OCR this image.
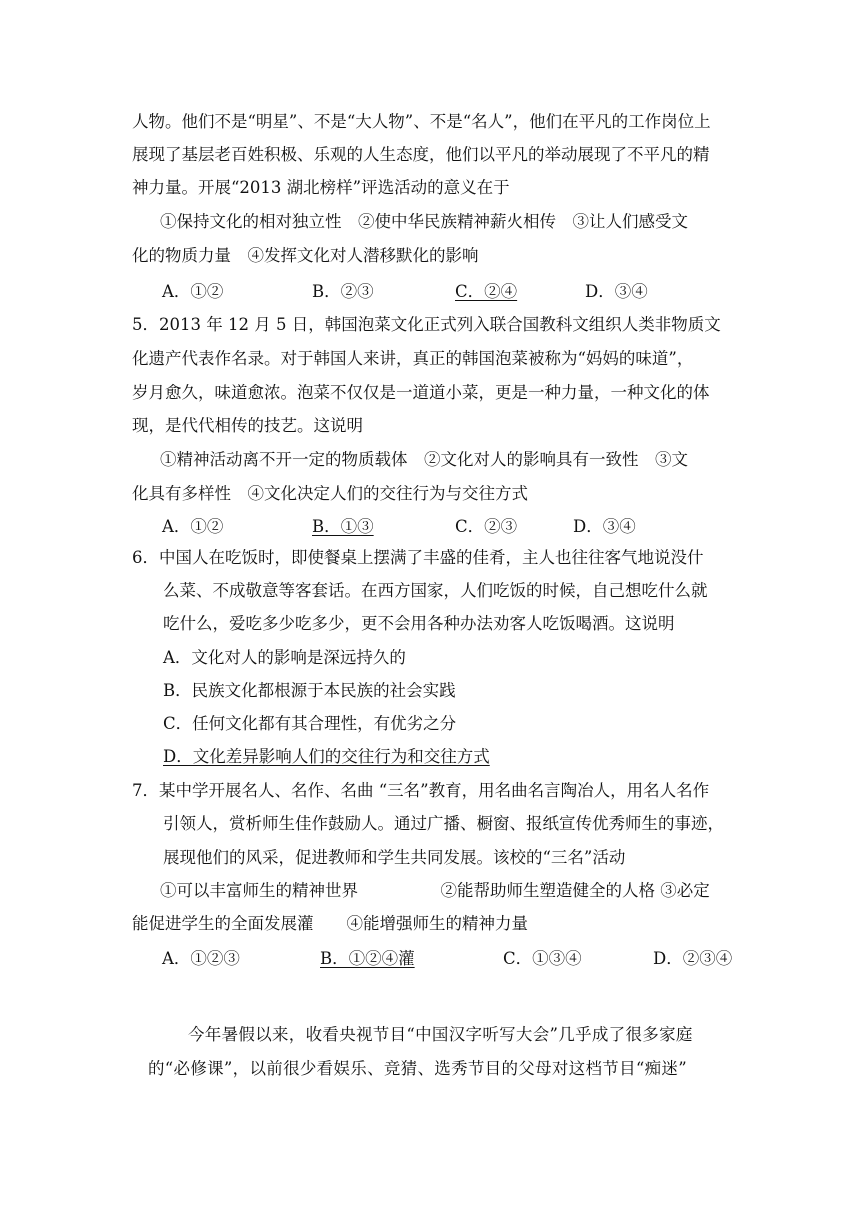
人物。他们不是“明星”、不是“大人物”、不是“名人”，他们在平凡的工作岗位上
展现了基层老百姓积极、乐观的人生态度，他们以平凡的举动展现了不平凡的精
神力量。开展“2013 湖北榜样”评选活动的意义在于
①保持文化的相对独立性　②使中华民族精神薪火相传　③让人们感受文
化的物质力量　④发挥文化对人潜移默化的影响
A．①②	B．②③	C．②④	D．③④
5．2013 年 12 月 5 日，韩国泡菜文化正式列入联合国教科文组织人类非物质文
化遗产代表作名录。对于韩国人来讲，真正的韩国泡菜被称为“妈妈的味道”，
岁月愈久，味道愈浓。泡菜不仅仅是一道道小菜，更是一种力量，一种文化的体
现，是代代相传的技艺。这说明
①精神活动离不开一定的物质载体　②文化对人的影响具有一致性　③文
化具有多样性　④文化决定人们的交往行为与交往方式
A．①②	B．①③	C．②③	D．③④
6．中国人在吃饭时，即使餐桌上摆满了丰盛的佳肴，主人也往往客气地说没什
么菜、不成敬意等客套话。在西方国家，人们吃饭的时候，自己想吃什么就
吃什么，爱吃多少吃多少，更不会用各种办法劝客人吃饭喝酒。这说明
A．文化对人的影响是深远持久的
B．民族文化都根源于本民族的社会实践
C．任何文化都有其合理性，有优劣之分
D．文化差异影响人们的交往行为和交往方式
7．某中学开展名人、名作、名曲 “三名”教育，用名曲名言陶冶人，用名人名作
引领人，赏析师生佳作鼓励人。通过广播、橱窗、报纸宣传优秀师生的事迹，
展现他们的风采，促进教师和学生共同发展。该校的“三名”活动
①可以丰富师生的精神世界　　　　　②能帮助师生塑造健全的人格 ③必定
能促进学生的全面发展灌　　④能增强师生的精神力量
A．①②③	B．①②④灌	C．①③④	D．②③④
今年暑假以来，收看央视节目“中国汉字听写大会”几乎成了很多家庭
的“必修课”，以前很少看娱乐、竞猜、选秀节目的父母对这档节目“痴迷”
